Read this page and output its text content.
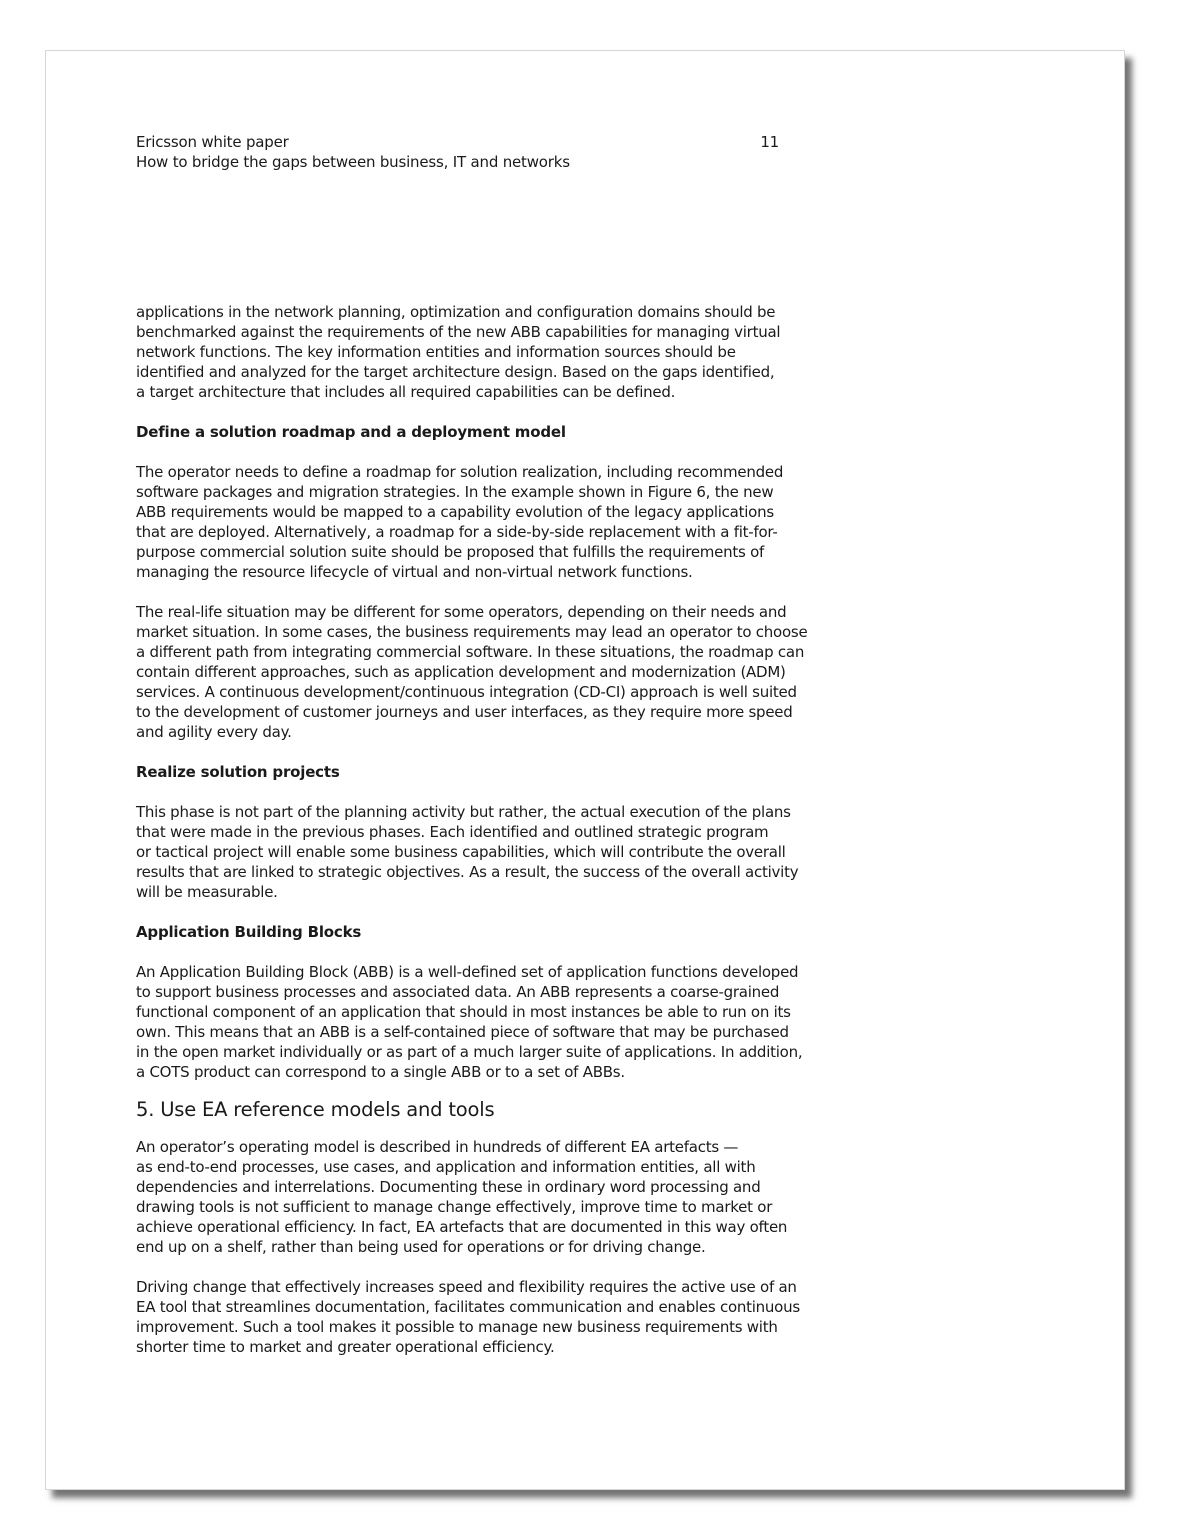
Ericsson white paper
How to bridge the gaps between business, IT and networks
11

applications in the network planning, optimization and configuration domains should be
benchmarked against the requirements of the new ABB capabilities for managing virtual
network functions. The key information entities and information sources should be
identified and analyzed for the target architecture design. Based on the gaps identified,
a target architecture that includes all required capabilities can be defined.

Define a solution roadmap and a deployment model

The operator needs to define a roadmap for solution realization, including recommended
software packages and migration strategies. In the example shown in Figure 6, the new
ABB requirements would be mapped to a capability evolution of the legacy applications
that are deployed. Alternatively, a roadmap for a side-by-side replacement with a fit-for-
purpose commercial solution suite should be proposed that fulfills the requirements of
managing the resource lifecycle of virtual and non-virtual network functions.

The real-life situation may be different for some operators, depending on their needs and
market situation. In some cases, the business requirements may lead an operator to choose
a different path from integrating commercial software. In these situations, the roadmap can
contain different approaches, such as application development and modernization (ADM)
services. A continuous development/continuous integration (CD-CI) approach is well suited
to the development of customer journeys and user interfaces, as they require more speed
and agility every day.

Realize solution projects

This phase is not part of the planning activity but rather, the actual execution of the plans
that were made in the previous phases. Each identified and outlined strategic program
or tactical project will enable some business capabilities, which will contribute the overall
results that are linked to strategic objectives. As a result, the success of the overall activity
will be measurable.

Application Building Blocks

An Application Building Block (ABB) is a well-defined set of application functions developed
to support business processes and associated data. An ABB represents a coarse-grained
functional component of an application that should in most instances be able to run on its
own. This means that an ABB is a self-contained piece of software that may be purchased
in the open market individually or as part of a much larger suite of applications. In addition,
a COTS product can correspond to a single ABB or to a set of ABBs.

5. Use EA reference models and tools

An operator’s operating model is described in hundreds of different EA artefacts —
as end-to-end processes, use cases, and application and information entities, all with
dependencies and interrelations. Documenting these in ordinary word processing and
drawing tools is not sufficient to manage change effectively, improve time to market or
achieve operational efficiency. In fact, EA artefacts that are documented in this way often
end up on a shelf, rather than being used for operations or for driving change.

Driving change that effectively increases speed and flexibility requires the active use of an
EA tool that streamlines documentation, facilitates communication and enables continuous
improvement. Such a tool makes it possible to manage new business requirements with
shorter time to market and greater operational efficiency.
